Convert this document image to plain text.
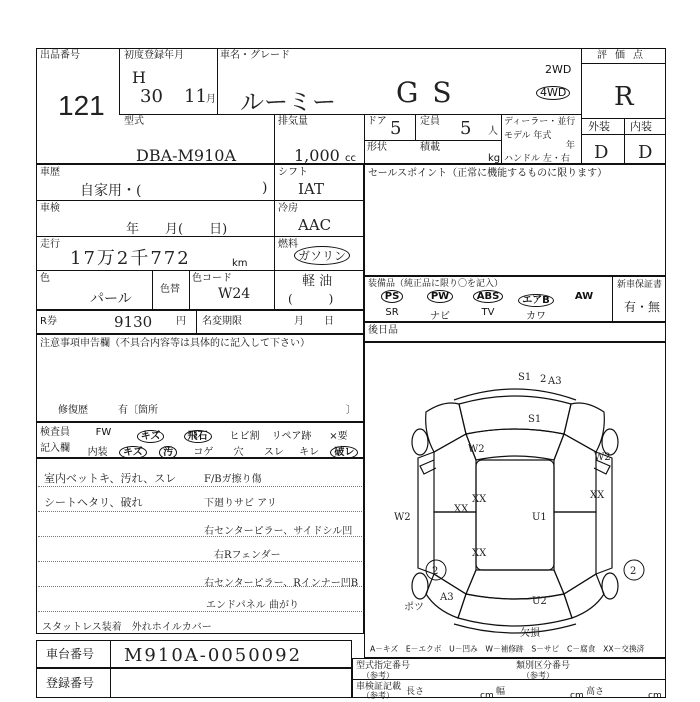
出品番号
121
初度登録年月
H
30 11 月
車名・グレード
ルーミー GS
2WD
4WD
評価点
R
型式
DBA-M910A
排気量
1,000 cc
ドア 5 定員 5 人
形状	積載
kg
ディーラー・並行
モデル 年式
年
ハンドル 左・右
外装 内装
D D
車歴
自家用・(	)
シフト
IAT
車検
年　　月(　　日)
冷房
AAC
走行
17万2千772	km
燃料
ガソリン
軽 油
(　　　)
色
パール
色替
色コード
W24
セールスポイント（正常に機能するものに限ります）
装備品（純正品に限り〇を記入）	新車保証書
有・無
PS	PW	ABS	エアB	AW
SR	ナビ	TV	カワ
R券	9130 円 名変期限	月　　日
後日品
注意事項申告欄（不具合内容等は具体的に記入して下さい）
修復歴	有〔箇所	〕
検査員
記入欄
FW	キズ	飛石	ヒビ割	リペア跡	×要
内装	キズ	汚	コゲ	穴	スレ	キレ	破レ
室内ベットキ、汚れ、スレ
シートヘタリ、破れ
スタットレス装着　外れホイルカバー
F/Bガ擦り傷
下廻りサビ アリ
右センターピラー、サイドシル凹
右Rフェンダー
右センターピラー、Rインナー凹B
エンドパネル 曲がり
S1
S1
W2
W2
U1
U2
W2
XX	XX
XX
XX
2	2
2
A3
欠損
ポツ
A3
A－キズ　E－エクボ　U－凹み　W－補修跡　S－サビ　C－腐食　XX－交換済
車台番号 M910A-0050092
登録番号
型式指定番号
（参考）
類別区分番号
（参考）
車検証記載
（参考） 長さ	cm 幅	cm 高さ	cm
